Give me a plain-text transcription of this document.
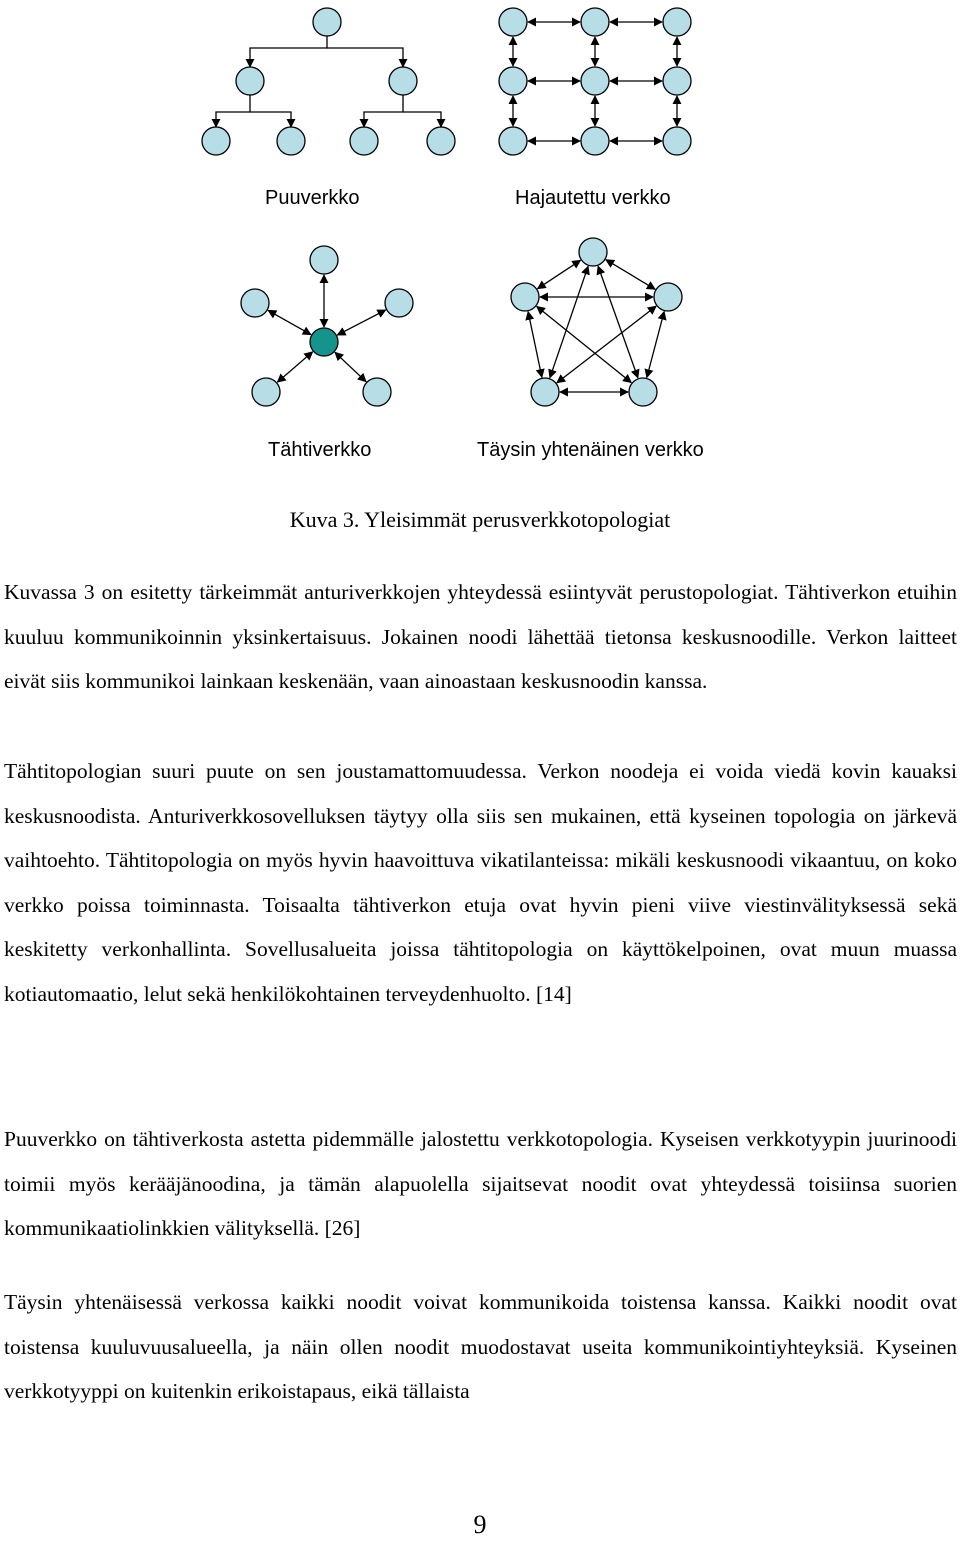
Puuverkko	Hajautettu verkko
Tähtiverkko	Täysin yhtenäinen verkko
Kuva 3. Yleisimmät perusverkkotopologiat

Kuvassa 3 on esitetty tärkeimmät anturiverkkojen yhteydessä esiintyvät perustopologiat. Tähtiverkon etuihin kuuluu kommunikoinnin yksinkertaisuus. Jokainen noodi lähettää tietonsa keskusnoodille. Verkon laitteet eivät siis kommunikoi lainkaan keskenään, vaan ainoastaan keskusnoodin kanssa.

Tähtitopologian suuri puute on sen joustamattomuudessa. Verkon noodeja ei voida viedä kovin kauaksi keskusnoodista. Anturiverkkosovelluksen täytyy olla siis sen mukainen, että kyseinen topologia on järkevä vaihtoehto. Tähtitopologia on myös hyvin haavoittuva vikatilanteissa: mikäli keskusnoodi vikaantuu, on koko verkko poissa toiminnasta. Toisaalta tähtiverkon etuja ovat hyvin pieni viive viestinvälityksessä sekä keskitetty verkonhallinta. Sovellusalueita joissa tähtitopologia on käyttökelpoinen, ovat muun muassa kotiautomaatio, lelut sekä henkilökohtainen terveydenhuolto. [14]

Puuverkko on tähtiverkosta astetta pidemmälle jalostettu verkkotopologia. Kyseisen verkkotyypin juurinoodi toimii myös kerääjänoodina, ja tämän alapuolella sijaitsevat noodit ovat yhteydessä toisiinsa suorien kommunikaatiolinkkien välityksellä. [26]

Täysin yhtenäisessä verkossa kaikki noodit voivat kommunikoida toistensa kanssa. Kaikki noodit ovat toistensa kuuluvuusalueella, ja näin ollen noodit muodostavat useita kommunikointiyhteyksiä. Kyseinen verkkotyyppi on kuitenkin erikoistapaus, eikä tällaista

9
